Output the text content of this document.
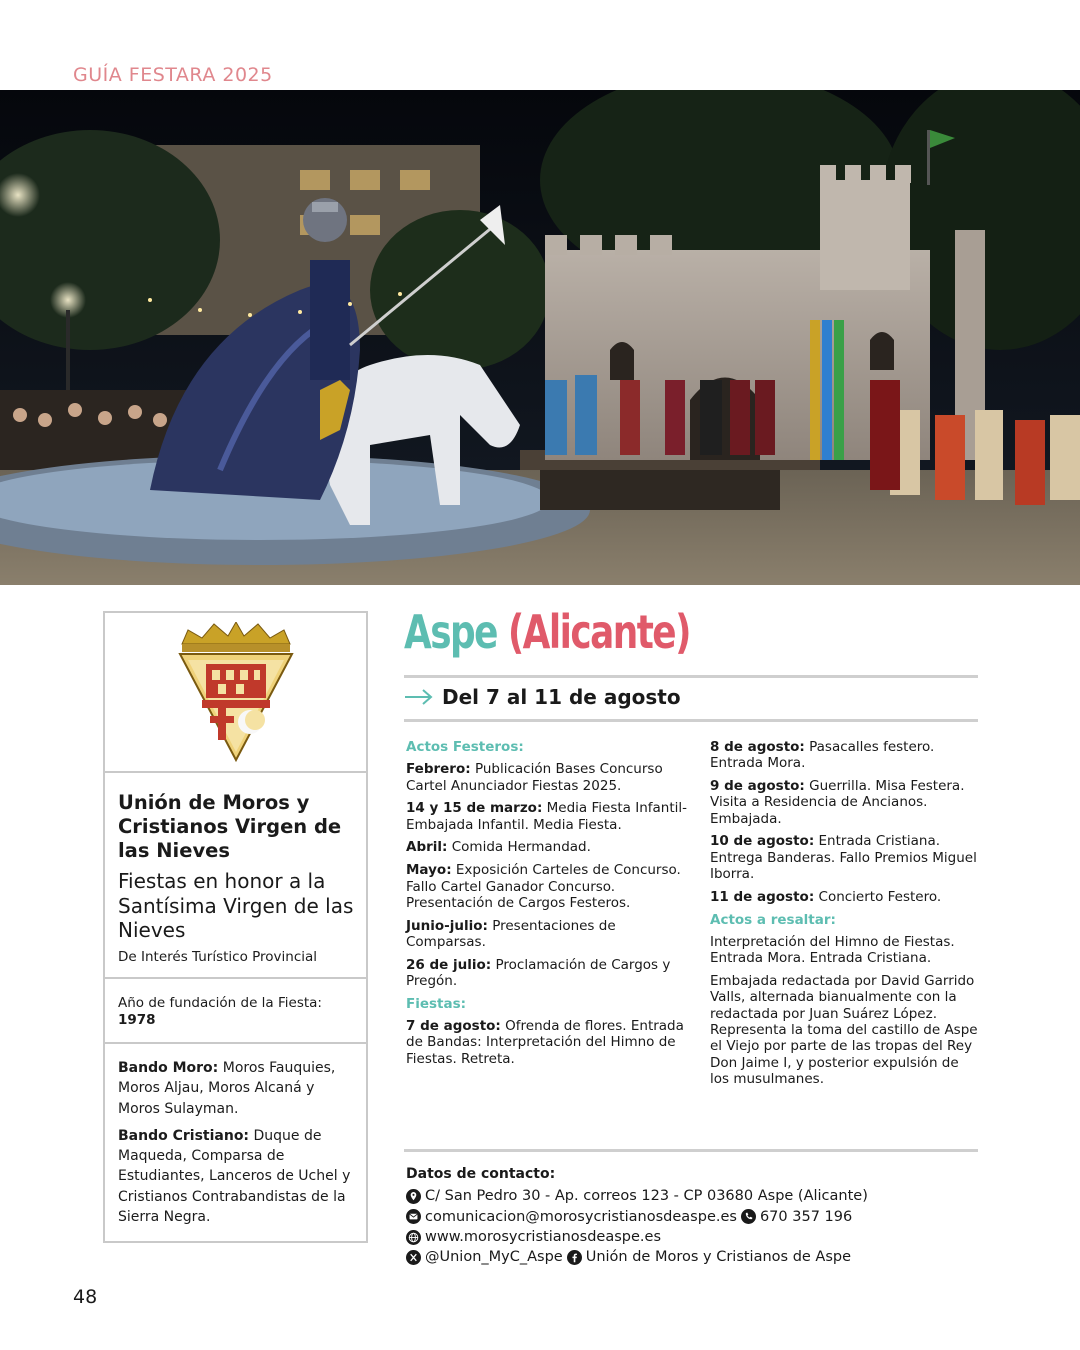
GUÍA FESTARA 2025
Unión de Moros y Cristianos Virgen de las Nieves
Fiestas en honor a la Santísima Virgen de las Nieves
De Interés Turístico Provincial
Año de fundación de la Fiesta: 1978

Bando Moro: Moros Fauquies, Moros Aljau, Moros Alcaná y Moros Sulayman.

Bando Cristiano: Duque de Maqueda, Comparsa de Estudiantes, Lanceros de Uchel y Cristianos Contrabandistas de la Sierra Negra.

Aspe (Alicante)
Del 7 al 11 de agosto

Actos Festeros:

Febrero: Publicación Bases Concurso Cartel Anunciador Fiestas 2025.

14 y 15 de marzo: Media Fiesta Infantil-Embajada Infantil. Media Fiesta.

Abril: Comida Hermandad.

Mayo: Exposición Carteles de Concurso. Fallo Cartel Ganador Concurso. Presentación de Cargos Festeros.

Junio-julio: Presentaciones de Comparsas.

26 de julio: Proclamación de Cargos y Pregón.

Fiestas:

7 de agosto: Ofrenda de flores. Entrada de Bandas: Interpretación del Himno de Fiestas. Retreta.

8 de agosto: Pasacalles festero. Entrada Mora.

9 de agosto: Guerrilla. Misa Festera. Visita a Residencia de Ancianos. Embajada.

10 de agosto: Entrada Cristiana. Entrega Banderas. Fallo Premios Miguel Iborra.

11 de agosto: Concierto Festero.

Actos a resaltar:

Interpretación del Himno de Fiestas. Entrada Mora. Entrada Cristiana.

Embajada redactada por David Garrido Valls, alternada bianualmente con la redactada por Juan Suárez López. Representa la toma del castillo de Aspe el Viejo por parte de las tropas del Rey Don Jaime I, y posterior expulsión de los musulmanes.

Datos de contacto:
C/ San Pedro 30 - Ap. correos 123 - CP 03680 Aspe (Alicante)
comunicacion@morosycristianosdeaspe.es 670 357 196
www.morosycristianosdeaspe.es
@Union_MyC_Aspe Unión de Moros y Cristianos de Aspe
48
